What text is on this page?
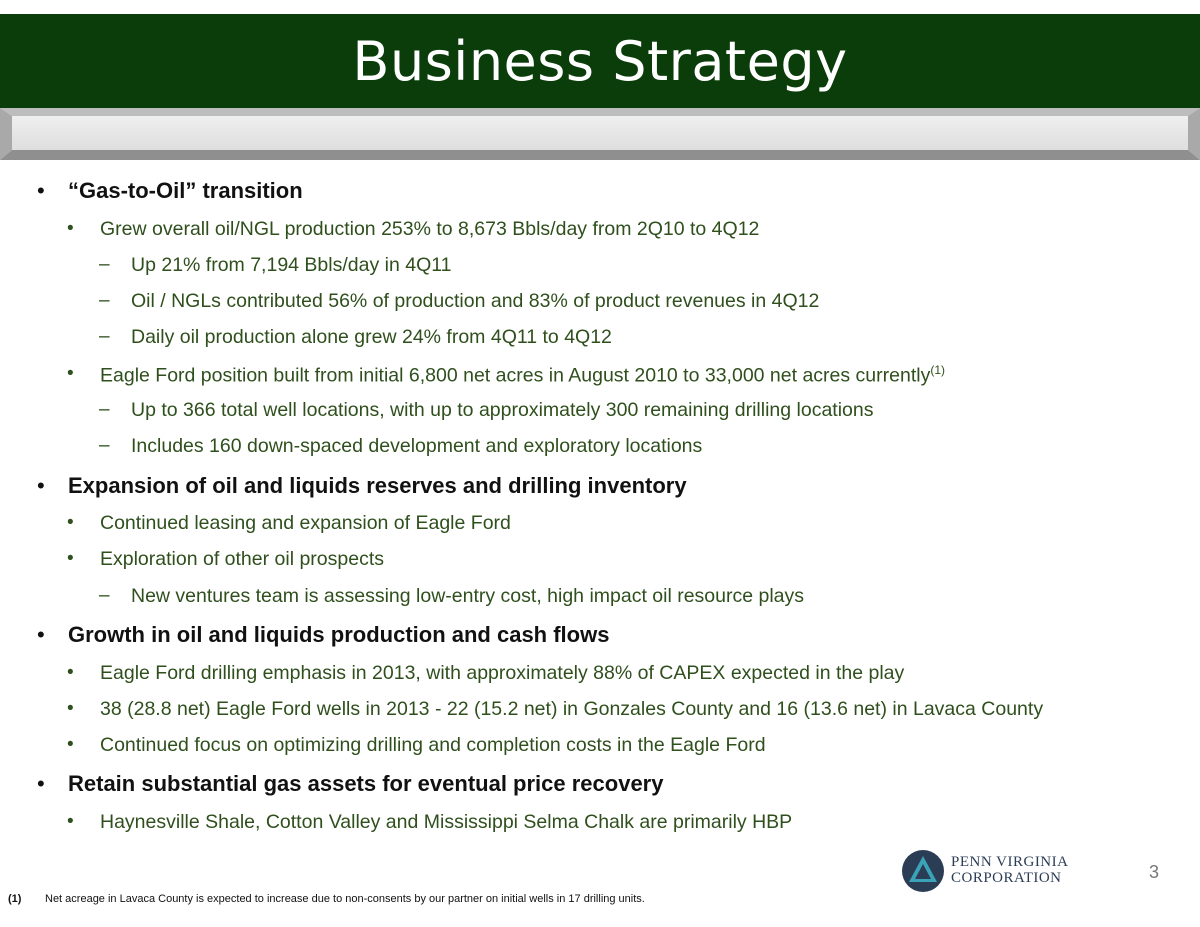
Business Strategy
• “Gas-to-Oil” transition
• Grew overall oil/NGL production 253% to 8,673 Bbls/day from 2Q10 to 4Q12
– Up 21% from 7,194 Bbls/day in 4Q11
– Oil / NGLs contributed 56% of production and 83% of product revenues in 4Q12
– Daily oil production alone grew 24% from 4Q11 to 4Q12
• Eagle Ford position built from initial 6,800 net acres in August 2010 to 33,000 net acres currently$^{(1)}$
– Up to 366 total well locations, with up to approximately 300 remaining drilling locations
– Includes 160 down-spaced development and exploratory locations
• Expansion of oil and liquids reserves and drilling inventory
• Continued leasing and expansion of Eagle Ford
• Exploration of other oil prospects
– New ventures team is assessing low-entry cost, high impact oil resource plays
• Growth in oil and liquids production and cash flows
• Eagle Ford drilling emphasis in 2013, with approximately 88% of CAPEX expected in the play
• 38 (28.8 net) Eagle Ford wells in 2013 - 22 (15.2 net) in Gonzales County and 16 (13.6 net) in Lavaca County
• Continued focus on optimizing drilling and completion costs in the Eagle Ford
• Retain substantial gas assets for eventual price recovery
• Haynesville Shale, Cotton Valley and Mississippi Selma Chalk are primarily HBP
PENN VIRGINIA
CORPORATION	3
(1) Net acreage in Lavaca County is expected to increase due to non-consents by our partner on initial wells in 17 drilling units.
